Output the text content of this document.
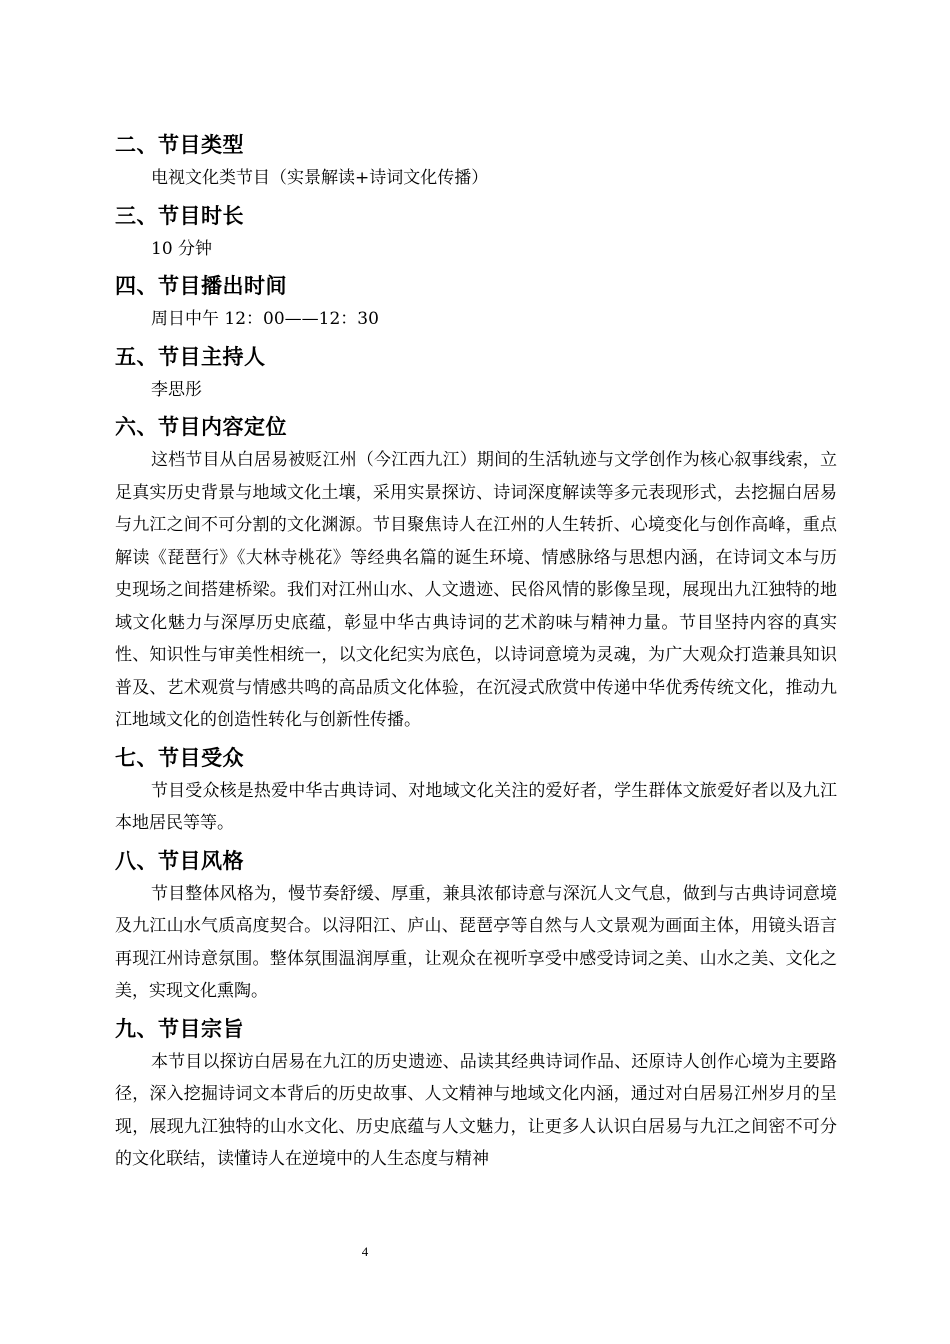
二、节目类型

电视文化类节目（实景解读+诗词文化传播）

三、节目时长

10 分钟

四、节目播出时间

周日中午 12：00——12：30

五、节目主持人

李思彤

六、节目内容定位

这档节目从白居易被贬江州（今江西九江）期间的生活轨迹与文学创作为核心叙事线索，立足真实历史背景与地域文化土壤，采用实景探访、诗词深度解读等多元表现形式，去挖掘白居易与九江之间不可分割的文化渊源。节目聚焦诗人在江州的人生转折、心境变化与创作高峰，重点解读《琵琶行》《大林寺桃花》等经典名篇的诞生环境、情感脉络与思想内涵，在诗词文本与历史现场之间搭建桥梁。我们对江州山水、人文遗迹、民俗风情的影像呈现，展现出九江独特的地域文化魅力与深厚历史底蕴，彰显中华古典诗词的艺术韵味与精神力量。节目坚持内容的真实性、知识性与审美性相统一，以文化纪实为底色，以诗词意境为灵魂，为广大观众打造兼具知识普及、艺术观赏与情感共鸣的高品质文化体验，在沉浸式欣赏中传递中华优秀传统文化，推动九江地域文化的创造性转化与创新性传播。

七、节目受众

节目受众核是热爱中华古典诗词、对地域文化关注的爱好者，学生群体文旅爱好者以及九江本地居民等等。

八、节目风格

节目整体风格为，慢节奏舒缓、厚重，兼具浓郁诗意与深沉人文气息，做到与古典诗词意境及九江山水气质高度契合。以浔阳江、庐山、琵琶亭等自然与人文景观为画面主体，用镜头语言再现江州诗意氛围。整体氛围温润厚重，让观众在视听享受中感受诗词之美、山水之美、文化之美，实现文化熏陶。

九、节目宗旨

本节目以探访白居易在九江的历史遗迹、品读其经典诗词作品、还原诗人创作心境为主要路径，深入挖掘诗词文本背后的历史故事、人文精神与地域文化内涵，通过对白居易江州岁月的呈现，展现九江独特的山水文化、历史底蕴与人文魅力，让更多人认识白居易与九江之间密不可分的文化联结，读懂诗人在逆境中的人生态度与精神

4
